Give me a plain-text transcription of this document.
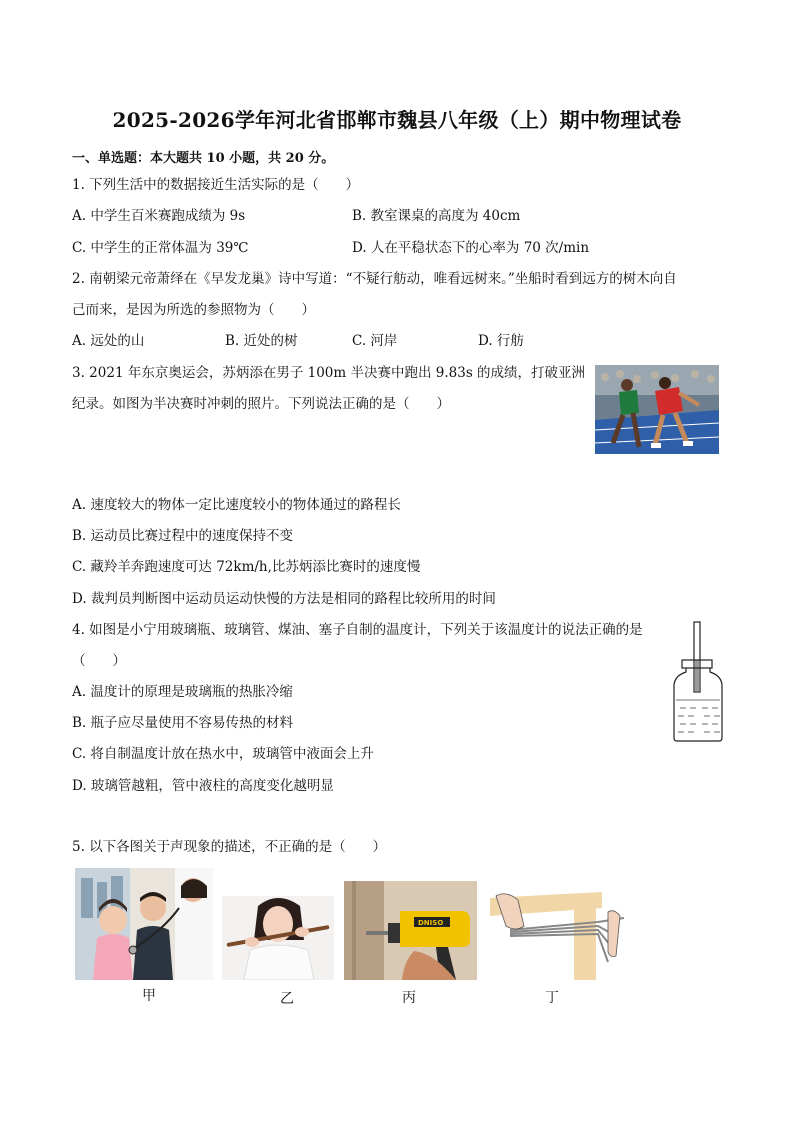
2025-2026学年河北省邯郸市魏县八年级（上）期中物理试卷
一、单选题：本大题共 10 小题，共 20 分。
1. 下列生活中的数据接近生活实际的是（　　）
A. 中学生百米赛跑成绩为 9s	B. 教室课桌的高度为 40cm
C. 中学生的正常体温为 39℃	D. 人在平稳状态下的心率为 70 次/min
2. 南朝梁元帝萧绎在《早发龙巢》诗中写道：“不疑行舫动，唯看远树来。”坐船时看到远方的树木向自
己而来，是因为所选的参照物为（　　）
A. 远处的山	B. 近处的树	C. 河岸	D. 行舫
3. 2021 年东京奥运会，苏炳添在男子 100m 半决赛中跑出 9.83s 的成绩，打破亚洲
纪录。如图为半决赛时冲刺的照片。下列说法正确的是（　　）
A. 速度较大的物体一定比速度较小的物体通过的路程长
B. 运动员比赛过程中的速度保持不变
C. 藏羚羊奔跑速度可达 72km/h,比苏炳添比赛时的速度慢
D. 裁判员判断图中运动员运动快慢的方法是相同的路程比较所用的时间
4. 如图是小宁用玻璃瓶、玻璃管、煤油、塞子自制的温度计，下列关于该温度计的说法正确的是
（　　）
A. 温度计的原理是玻璃瓶的热胀冷缩
B. 瓶子应尽量使用不容易传热的材料
C. 将自制温度计放在热水中，玻璃管中液面会上升
D. 玻璃管越粗，管中液柱的高度变化越明显
5. 以下各图关于声现象的描述，不正确的是（　　）
DNISO
甲	乙	丙	丁
